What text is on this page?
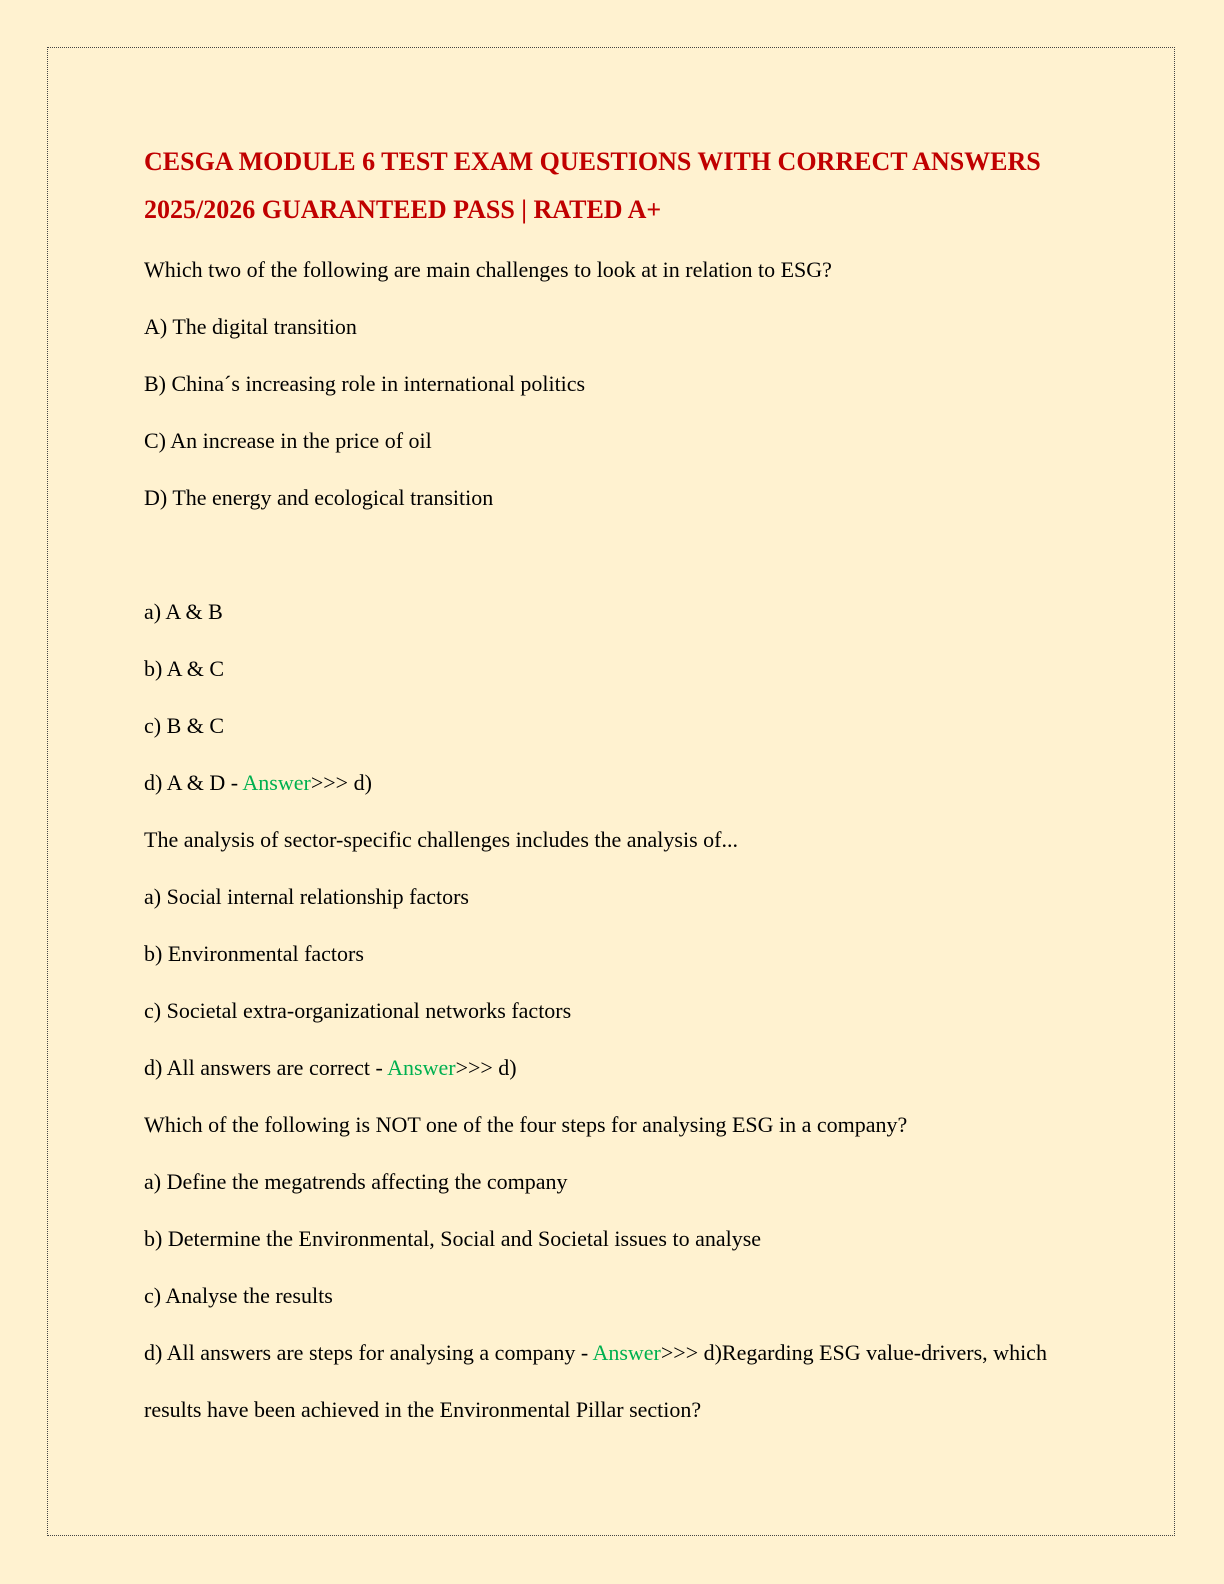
CESGA MODULE 6 TEST EXAM QUESTIONS WITH CORRECT ANSWERS 2025/2026 GUARANTEED PASS | RATED A+
Which two of the following are main challenges to look at in relation to ESG?
A) The digital transition
B) China´s increasing role in international politics
C) An increase in the price of oil
D) The energy and ecological transition
a) A & B
b) A & C
c) B & C
d) A & D - Answer>>> d)
The analysis of sector-specific challenges includes the analysis of...
a) Social internal relationship factors
b) Environmental factors
c) Societal extra-organizational networks factors
d) All answers are correct - Answer>>> d)
Which of the following is NOT one of the four steps for analysing ESG in a company?
a) Define the megatrends affecting the company
b) Determine the Environmental, Social and Societal issues to analyse
c) Analyse the results
d) All answers are steps for analysing a company - Answer>>> d)Regarding ESG value-drivers, which results have been achieved in the Environmental Pillar section?
